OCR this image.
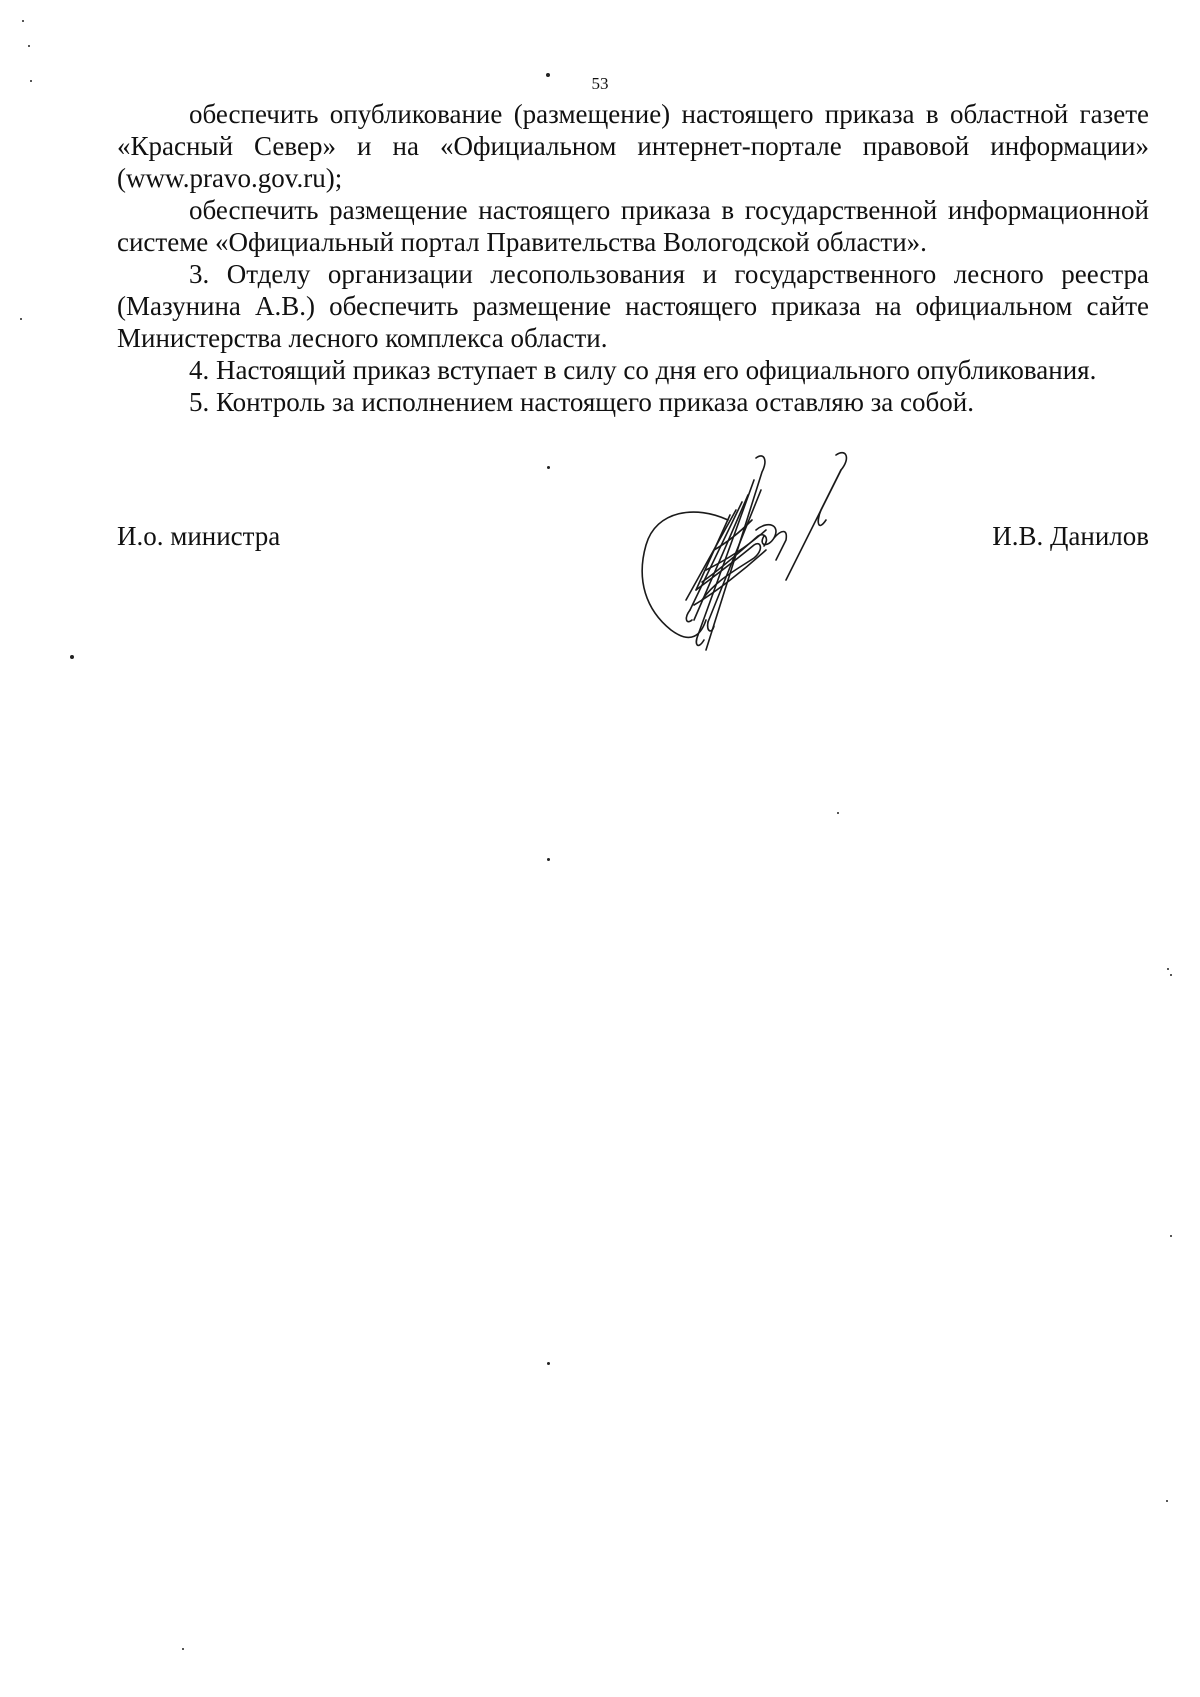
53

обеспечить опубликование (размещение) настоящего приказа в областной газете «Красный Север» и на «Официальном интернет-портале правовой информации» (www.pravo.gov.ru);

обеспечить размещение настоящего приказа в государственной информационной системе «Официальный портал Правительства Вологодской области».

3. Отделу организации лесопользования и государственного лесного реестра (Мазунина А.В.) обеспечить размещение настоящего приказа на официальном сайте Министерства лесного комплекса области.

4. Настоящий приказ вступает в силу со дня его официального опубликования.

5. Контроль за исполнением настоящего приказа оставляю за собой.

И.о. министра	И.В. Данилов
